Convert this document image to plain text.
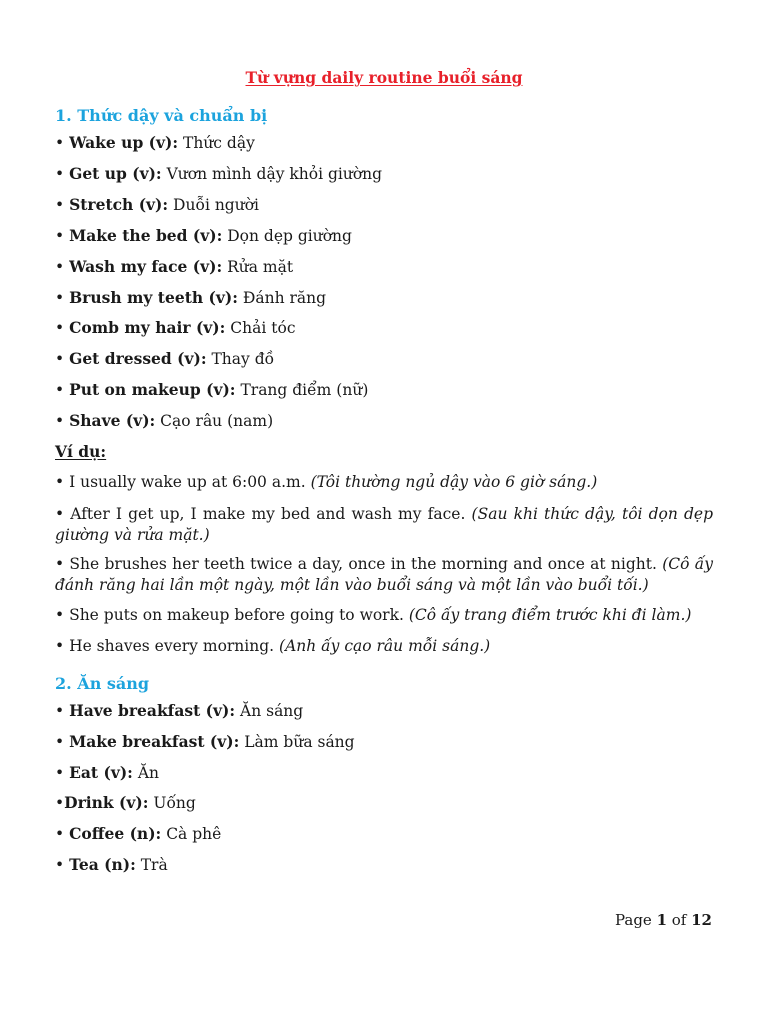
Từ vựng daily routine buổi sáng
1. Thức dậy và chuẩn bị
• Wake up (v): Thức dậy
• Get up (v): Vươn mình dậy khỏi giường
• Stretch (v): Duỗi người
• Make the bed (v): Dọn dẹp giường
• Wash my face (v): Rửa mặt
• Brush my teeth (v): Đánh răng
• Comb my hair (v): Chải tóc
• Get dressed (v): Thay đồ
• Put on makeup (v): Trang điểm (nữ)
• Shave (v): Cạo râu (nam)
Ví dụ:
• I usually wake up at 6:00 a.m. (Tôi thường ngủ dậy vào 6 giờ sáng.)
• After I get up, I make my bed and wash my face. (Sau khi thức dậy, tôi dọn dẹp giường và rửa mặt.)
• She brushes her teeth twice a day, once in the morning and once at night. (Cô ấy đánh răng hai lần một ngày, một lần vào buổi sáng và một lần vào buổi tối.)
• She puts on makeup before going to work. (Cô ấy trang điểm trước khi đi làm.)
• He shaves every morning. (Anh ấy cạo râu mỗi sáng.)
2. Ăn sáng
• Have breakfast (v): Ăn sáng
• Make breakfast (v): Làm bữa sáng
• Eat (v): Ăn
•Drink (v): Uống
• Coffee (n): Cà phê
• Tea (n): Trà
Page 1 of 12
